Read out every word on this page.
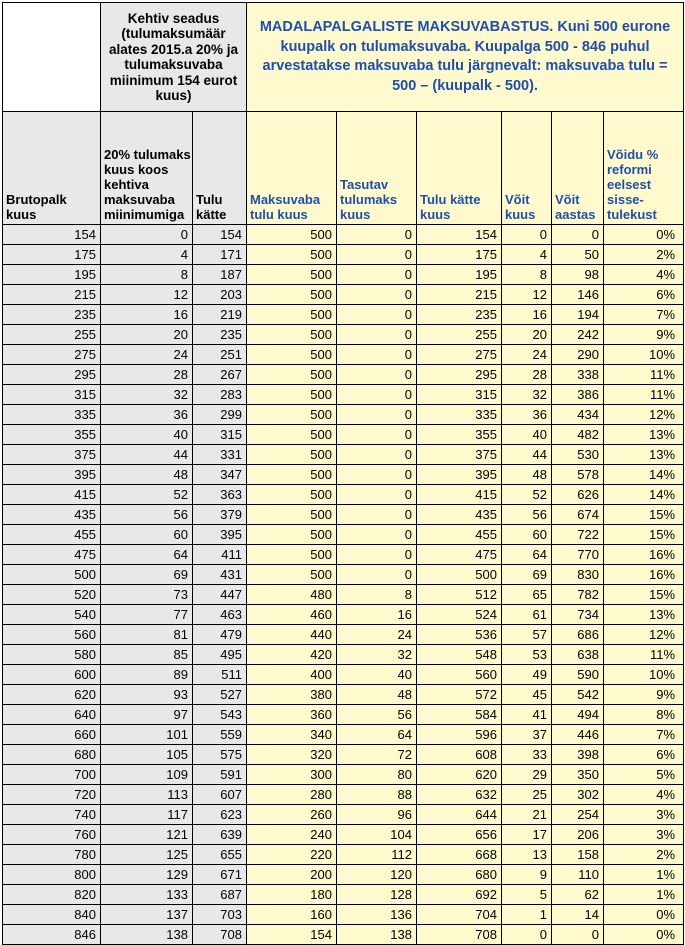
	Kehtiv seadus (tulumaksumäär alates 2015.a 20% ja tulumaksuvaba miinimum 154 eurot kuus)		MADALAPALGALISTE MAKSUVABASTUS. Kuni 500 eurone kuupalk on tulumaksuvaba. Kuupalga 500 - 846 puhul arvestatakse maksuvaba tulu järgnevalt: maksuvaba tulu = 500 – (kuupalk - 500).					
Brutopalk kuus	20% tulumaks kuus koos kehtiva maksuvaba miinimumiga	Tulu kätte	Maksuvaba tulu kuus	Tasutav tulumaks kuus	Tulu kätte kuus	Võit kuus	Võit aastas	Võidu % reformi eelsest sisse-tulekust
154	0	154	500	0	154	0	0	0%
175	4	171	500	0	175	4	50	2%
195	8	187	500	0	195	8	98	4%
215	12	203	500	0	215	12	146	6%
235	16	219	500	0	235	16	194	7%
255	20	235	500	0	255	20	242	9%
275	24	251	500	0	275	24	290	10%
295	28	267	500	0	295	28	338	11%
315	32	283	500	0	315	32	386	11%
335	36	299	500	0	335	36	434	12%
355	40	315	500	0	355	40	482	13%
375	44	331	500	0	375	44	530	13%
395	48	347	500	0	395	48	578	14%
415	52	363	500	0	415	52	626	14%
435	56	379	500	0	435	56	674	15%
455	60	395	500	0	455	60	722	15%
475	64	411	500	0	475	64	770	16%
500	69	431	500	0	500	69	830	16%
520	73	447	480	8	512	65	782	15%
540	77	463	460	16	524	61	734	13%
560	81	479	440	24	536	57	686	12%
580	85	495	420	32	548	53	638	11%
600	89	511	400	40	560	49	590	10%
620	93	527	380	48	572	45	542	9%
640	97	543	360	56	584	41	494	8%
660	101	559	340	64	596	37	446	7%
680	105	575	320	72	608	33	398	6%
700	109	591	300	80	620	29	350	5%
720	113	607	280	88	632	25	302	4%
740	117	623	260	96	644	21	254	3%
760	121	639	240	104	656	17	206	3%
780	125	655	220	112	668	13	158	2%
800	129	671	200	120	680	9	110	1%
820	133	687	180	128	692	5	62	1%
840	137	703	160	136	704	1	14	0%
846	138	708	154	138	708	0	0	0%
